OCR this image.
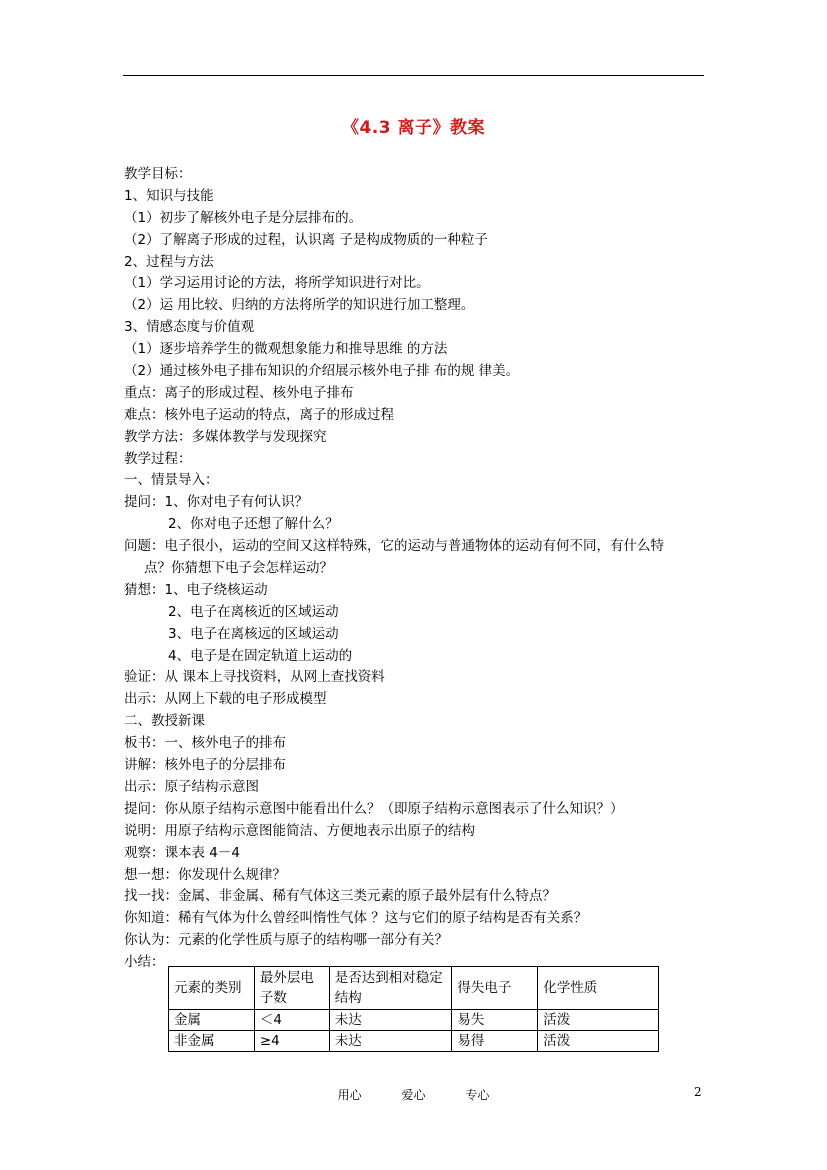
《4.3 离子》教案
教学目标：
1、知识与技能
（1）初步了解核外电子是分层排布的。
（2）了解离子形成的过程，认识离 子是构成物质的一种粒子
2、过程与方法
（1）学习运用讨论的方法，将所学知识进行对比。
（2）运 用比较、归纳的方法将所学的知识进行加工整理。
3、情感态度与价值观
（1）逐步培养学生的微观想象能力和推导思维 的方法
（2）通过核外电子排布知识的介绍展示核外电子排 布的规 律美。
重点：离子的形成过程、核外电子排布
难点：核外电子运动的特点，离子的形成过程
教学方法：多媒体教学与发现探究
教学过程：
一、情景导入：
提问：1、你对电子有何认识？
2、你对电子还想了解什么？
问题：电子很小，运动的空间又这样特殊，它的运动与普通物体的运动有何不同，有什么特
点？你猜想下电子会怎样运动？
猜想：1、电子绕核运动
2、电子在离核近的区域运动
3、电子在离核远的区域运动
4、电子是在固定轨道上运动的
验证：从 课本上寻找资料，从网上查找资料
出示：从网上下载的电子形成模型
二、教授新课
板书：一、核外电子的排布
讲解：核外电子的分层排布
出示：原子结构示意图
提问：你从原子结构示意图中能看出什么？（即原子结构示意图表示了什么知识？）
说明：用原子结构示意图能简洁、方便地表示出原子的结构
观察：课本表 4－4
想一想：你发现什么规律？
找一找：金属、非金属、稀有气体这三类元素的原子最外层有什么特点？
你知道：稀有气体为什么曾经叫惰性气体 ？这与它们的原子结构是否有关系？
你认为：元素的化学性质与原子的结构哪一部分有关？
小结：
元素的类别	最外层电子数	是否达到相对稳定结构	得失电子	化学性质
金属	＜4	未达	易失	活泼
非金属	≥4	未达	易得	活泼
用心	爱心	专心	2
